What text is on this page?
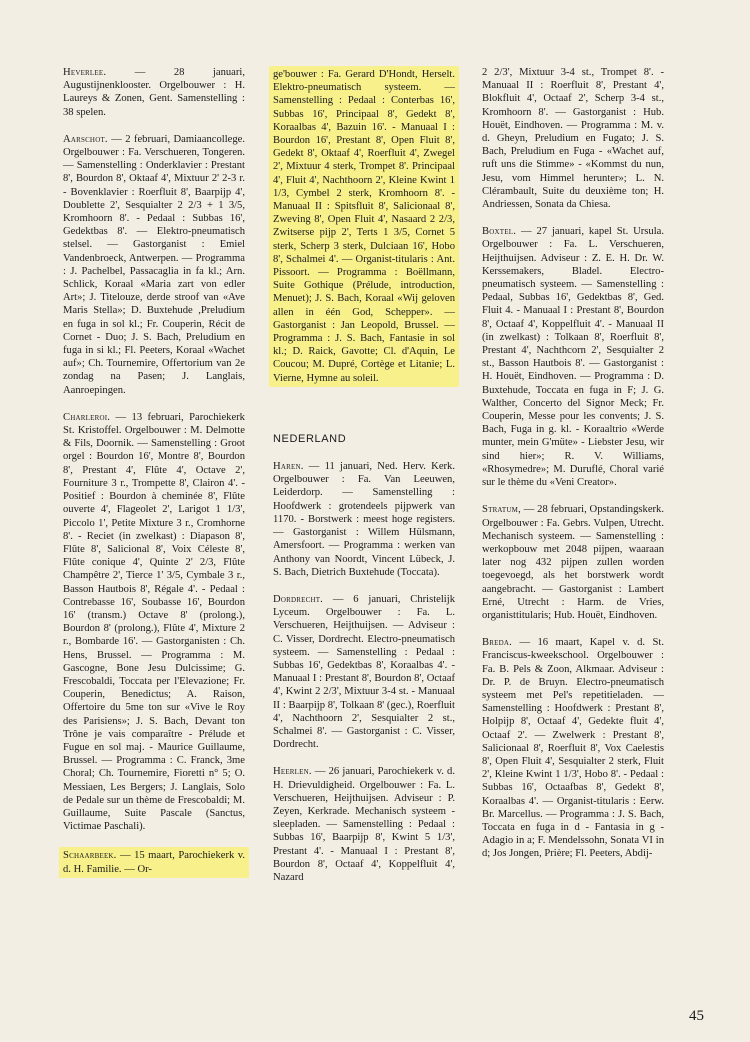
Heverlee.	— 28 januari, Augustijnenklooster. Orgelbouwer : H. Laureys & Zonen, Gent. Samenstelling : 38 spelen.
Aarschot. — 2 februari, Damiaancollege. Orgelbouwer : Fa. Verschueren, Tongeren. — Samenstelling : Onderklavier : Prestant 8', Bourdon 8', Oktaaf 4', Mixtuur 2' 2-3 r. - Bovenklavier : Roerfluit 8', Baarpijp 4', Doublette 2', Sesquialter 2 2/3 + 1 3/5, Kromhoorn 8'. - Pedaal : Subbas 16', Gedektbas 8'. — Elektro-pneumatisch stelsel. — Gastorganist : Emiel Vandenbroeck, Antwerpen. — Programma : J. Pachelbel, Passacaglia in fa kl.; Arn. Schlick, Koraal «Maria zart von edler Art»; J. Titelouze, derde stroof van «Ave Maris Stella»; D. Buxtehude ,Preludium en fuga in sol kl.; Fr. Couperin, Récit de Cornet - Duo; J. S. Bach, Preludium en fuga in si kl.; Fl. Peeters, Koraal «Wachet auf»; Ch. Tournemire, Offertorium van 2e zondag na Pasen; J. Langlais, Aanroepingen.
Charleroi. — 13 februari, Parochiekerk St. Kristoffel. Orgelbouwer : M. Delmotte & Fils, Doornik. — Samenstelling : Groot orgel : Bourdon 16', Montre 8', Bourdon 8', Prestant 4', Flûte 4', Octave 2', Fourniture 3 r., Trompette 8', Clairon 4'. - Positief : Bourdon à cheminée 8', Flûte ouverte 4', Flageolet 2', Larigot 1 1/3', Piccolo 1', Petite Mixture 3 r., Cromhorne 8'. - Reciet (in zwelkast) : Diapason 8', Flûte 8', Salicional 8', Voix Céleste 8', Flûte conique 4', Quinte 2' 2/3, Flûte Champêtre 2', Tierce 1' 3/5, Cymbale 3 r., Basson Hautbois 8', Régale 4'. - Pedaal : Contrebasse 16', Soubasse 16', Bourdon 16' (transm.) Octave 8' (prolong.), Bourdon 8' (prolong.), Flûte 4', Mixture 2 r., Bombarde 16'. — Gastorganisten : Ch. Hens, Brussel. — Programma : M. Gascogne, Bone Jesu Dulcissime; G. Frescobaldi, Toccata per l'Elevazione; Fr. Couperin, Benedictus; A. Raison, Offertoire du 5me ton sur «Vive le Roy des Parisiens»; J. S. Bach, Devant ton Trône je vais comparaître - Prélude et Fugue en sol maj. - Maurice Guillaume, Brussel. — Programma : C. Franck, 3me Choral; Ch. Tournemire, Fioretti n° 5; O. Messiaen, Les Bergers; J. Langlais, Solo de Pedale sur un thème de Frescobaldi; M. Guillaume, Suite Pascale (Sanctus, Victimae Paschali).
Schaarbeek. — 15 maart, Parochiekerk v. d. H. Familie. — Or-
ge'bouwer : Fa. Gerard D'Hondt, Herselt. Elektro-pneumatisch systeem. — Samenstelling : Pedaal : Conterbas 16', Subbas 16', Principaal 8', Gedekt 8', Koraalbas 4', Bazuin 16'. - Manuaal I : Bourdon 16', Prestant 8', Open Fluit 8', Gedekt 8', Oktaaf 4', Roerfluit 4', Zwegel 2', Mixtuur 4 sterk, Trompet 8'. Principaal 4', Fluit 4', Nachthoorn 2', Kleine Kwint 1 1/3, Cymbel 2 sterk, Kromhoorn 8'. - Manuaal II : Spitsfluit 8', Salicionaal 8', Zweving 8', Open Fluit 4', Nasaard 2 2/3, Zwitserse pijp 2', Terts 1 3/5, Cornet 5 sterk, Scherp 3 sterk, Dulciaan 16', Hobo 8', Schalmei 4'. — Organist-titularis : Ant. Pissoort. — Programma : Boëllmann, Suite Gothique (Prélude, introduction, Menuet); J. S. Bach, Koraal «Wij geloven allen in één God, Schepper». — Gastorganist : Jan Leopold, Brussel. — Programma : J. S. Bach, Fantasie in sol kl.; D. Raick, Gavotte; Cl. d'Aquin, Le Coucou; M. Dupré, Cortège et Litanie; L. Vierne, Hymne au soleil.
NEDERLAND
Haren. — 11 januari, Ned. Herv. Kerk. Orgelbouwer : Fa. Van Leeuwen, Leiderdorp. — Samenstelling : Hoofdwerk : grotendeels pijpwerk van 1170. - Borstwerk : meest hoge registers. — Gastorganist : Willem Hülsmann, Amersfoort. — Programma : werken van Anthony van Noordt, Vincent Lübeck, J. S. Bach, Dietrich Buxtehude (Toccata).
Dordrecht. — 6 januari, Christelijk Lyceum. Orgelbouwer : Fa. L. Verschueren, Heijthuijsen. — Adviseur : C. Visser, Dordrecht. Electro-pneumatisch systeem. — Samenstelling : Pedaal : Subbas 16', Gedektbas 8', Koraalbas 4'. - Manuaal I : Prestant 8', Bourdon 8', Octaaf 4', Kwint 2 2/3', Mixtuur 3-4 st. - Manuaal II : Baarpijp 8', Tolkaan 8' (gec.), Roerfluit 4', Nachthoorn 2', Sesquialter 2 st., Schalmei 8'. — Gastorganist : C. Visser, Dordrecht.
Heerlen. — 26 januari, Parochiekerk v. d. H. Drievuldigheid. Orgelbouwer : Fa. L. Verschueren, Heijthuijsen. Adviseur : P. Zeyen, Kerkrade. Mechanisch systeem - sleepladen. — Samenstelling : Pedaal : Subbas 16', Baarpijp 8', Kwint 5 1/3', Prestant 4'. - Manuaal I : Prestant 8', Bourdon 8', Octaaf 4', Koppelfluit 4', Nazard
2 2/3', Mixtuur 3-4 st., Trompet 8'. - Manuaal II : Roerfluit 8', Prestant 4', Blokfluit 4', Octaaf 2', Scherp 3-4 st., Kromhoorn 8'. — Gastorganist : Hub. Houët, Eindhoven. — Programma : M. v. d. Gheyn, Preludium en Fugato; J. S. Bach, Preludium en Fuga - «Wachet auf, ruft uns die Stimme» - «Kommst du nun, Jesu, vom Himmel herunter»; L. N. Clérambault, Suite du deuxième ton; H. Andriessen, Sonata da Chiesa.
Boxtel. — 27 januari, kapel St. Ursula. Orgelbouwer : Fa. L. Verschueren, Heijthuijsen. Adviseur : Z. E. H. Dr. W. Kerssemakers, Bladel. Electro-pneumatisch systeem. — Samenstelling : Pedaal, Subbas 16', Gedektbas 8', Ged. Fluit 4. - Manuaal I : Prestant 8', Bourdon 8', Octaaf 4', Koppelfluit 4'. - Manuaal II (in zwelkast) : Tolkaan 8', Roerfluit 8', Prestant 4', Nachthcorn 2', Sesquialter 2 st., Basson Hautbois 8'. — Gastorganist : H. Houët, Eindhoven. — Programma : D. Buxtehude, Toccata en fuga in F; J. G. Walther, Concerto del Signor Meck; Fr. Couperin, Messe pour les convents; J. S. Bach, Fuga in g. kl. - Koraaltrio «Werde munter, mein G'müte» - Liebster Jesu, wir sind hier»; R. V. Williams, «Rhosymedre»; M. Duruflé, Choral varié sur le thème du «Veni Creator».
Stratum, — 28 februari, Opstandingskerk. Orgelbouwer : Fa. Gebrs. Vulpen, Utrecht. Mechanisch systeem. — Samenstelling : werkopbouw met 2048 pijpen, waaraan later nog 432 pijpen zullen worden toegevoegd, als het borstwerk wordt aangebracht. — Gastorganist : Lambert Erné, Utrecht : Harm. de Vries, organisttitularis; Hub. Houët, Eindhoven.
Breda. — 16 maart, Kapel v. d. St. Franciscus-kweekschool. Orgelbouwer : Fa. B. Pels & Zoon, Alkmaar. Adviseur : Dr. P. de Bruyn. Electro-pneumatisch systeem met Pel's repetitieladen. — Samenstelling : Hoofdwerk : Prestant 8', Holpijp 8', Octaaf 4', Gedekte fluit 4', Octaaf 2'. — Zwelwerk : Prestant 8', Salicionaal 8', Roerfluit 8', Vox Caelestis 8', Open Fluit 4', Sesquialter 2 sterk, Fluit 2', Kleine Kwint 1 1/3', Hobo 8'. - Pedaal : Subbas 16', Octaafbas 8', Gedekt 8', Koraalbas 4'. — Organist-titularis : Eerw. Br. Marcellus. — Programma : J. S. Bach, Toccata en fuga in d - Fantasia in g - Adagio in a; F. Mendelssohn, Sonata VI in d; Jos Jongen, Prière; Fl. Peeters, Abdij-
45
